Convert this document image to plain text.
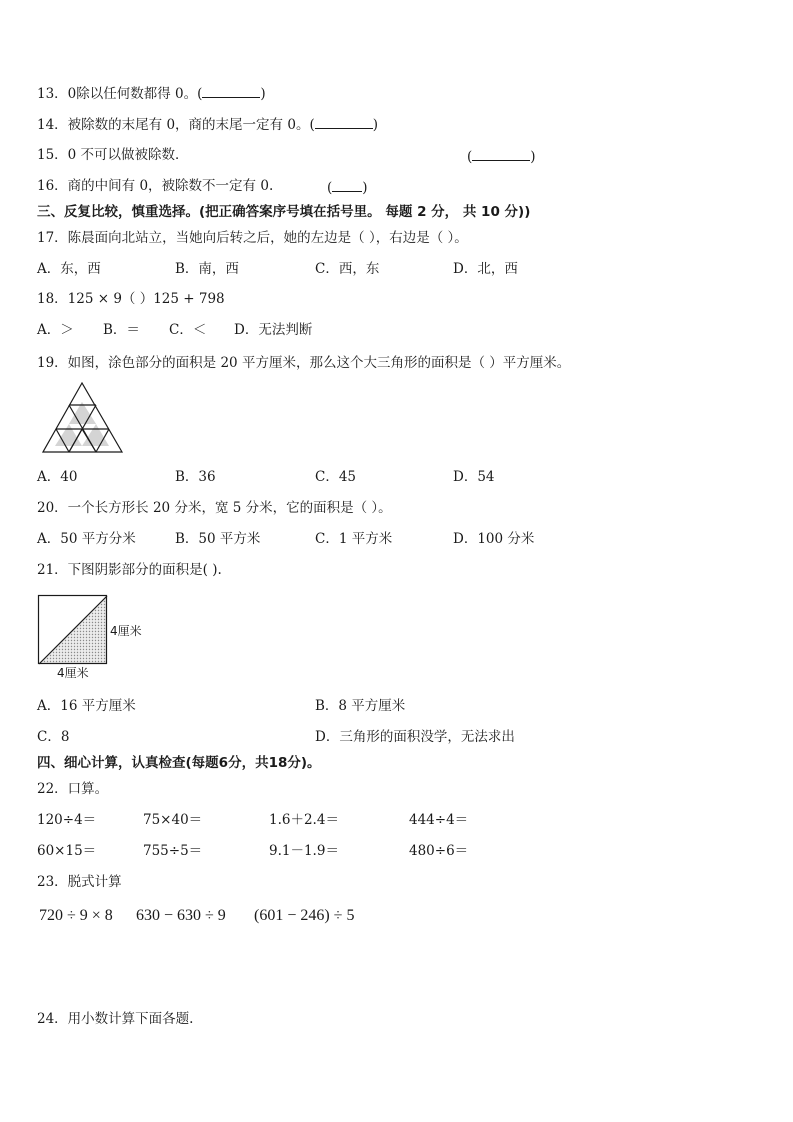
13．0除以任何数都得 0。(	)
14．被除数的末尾有 0，商的末尾一定有 0。(	)
15．0 不可以做被除数．	(	)
16．商的中间有 0，被除数不一定有 0.	( )
三、反复比较，慎重选择。(把正确答案序号填在括号里。 每题 2 分， 共 10 分))
17．陈晨面向北站立，当她向后转之后，她的左边是（ ），右边是（ ）。
A．东，西	B．南，西	C．西，东	D．北，西
18．125 × 9（ ）125 + 798
A．＞ B．＝ C．＜ D．无法判断
19．如图，涂色部分的面积是 20 平方厘米，那么这个大三角形的面积是（ ）平方厘米。
A．40	B．36	C．45	D．54
20．一个长方形长 20 分米，宽 5 分米，它的面积是（ ）。
A．50 平方分米	B．50 平方米	C．1 平方米	D．100 分米
21．下图阴影部分的面积是( ).
4厘米
4厘米
A．16 平方厘米	B．8 平方厘米
C．8	D．三角形的面积没学，无法求出
四、细心计算，认真检查(每题6分，共18分)。
22．口算。
120÷4＝	75×40＝	1.6＋2.4＝	444÷4＝
60×15＝	755÷5＝	9.1－1.9＝	480÷6＝
23．脱式计算
720 ÷ 9 × 8 630 − 630 ÷ 9 (601 − 246) ÷ 5
24．用小数计算下面各题.
